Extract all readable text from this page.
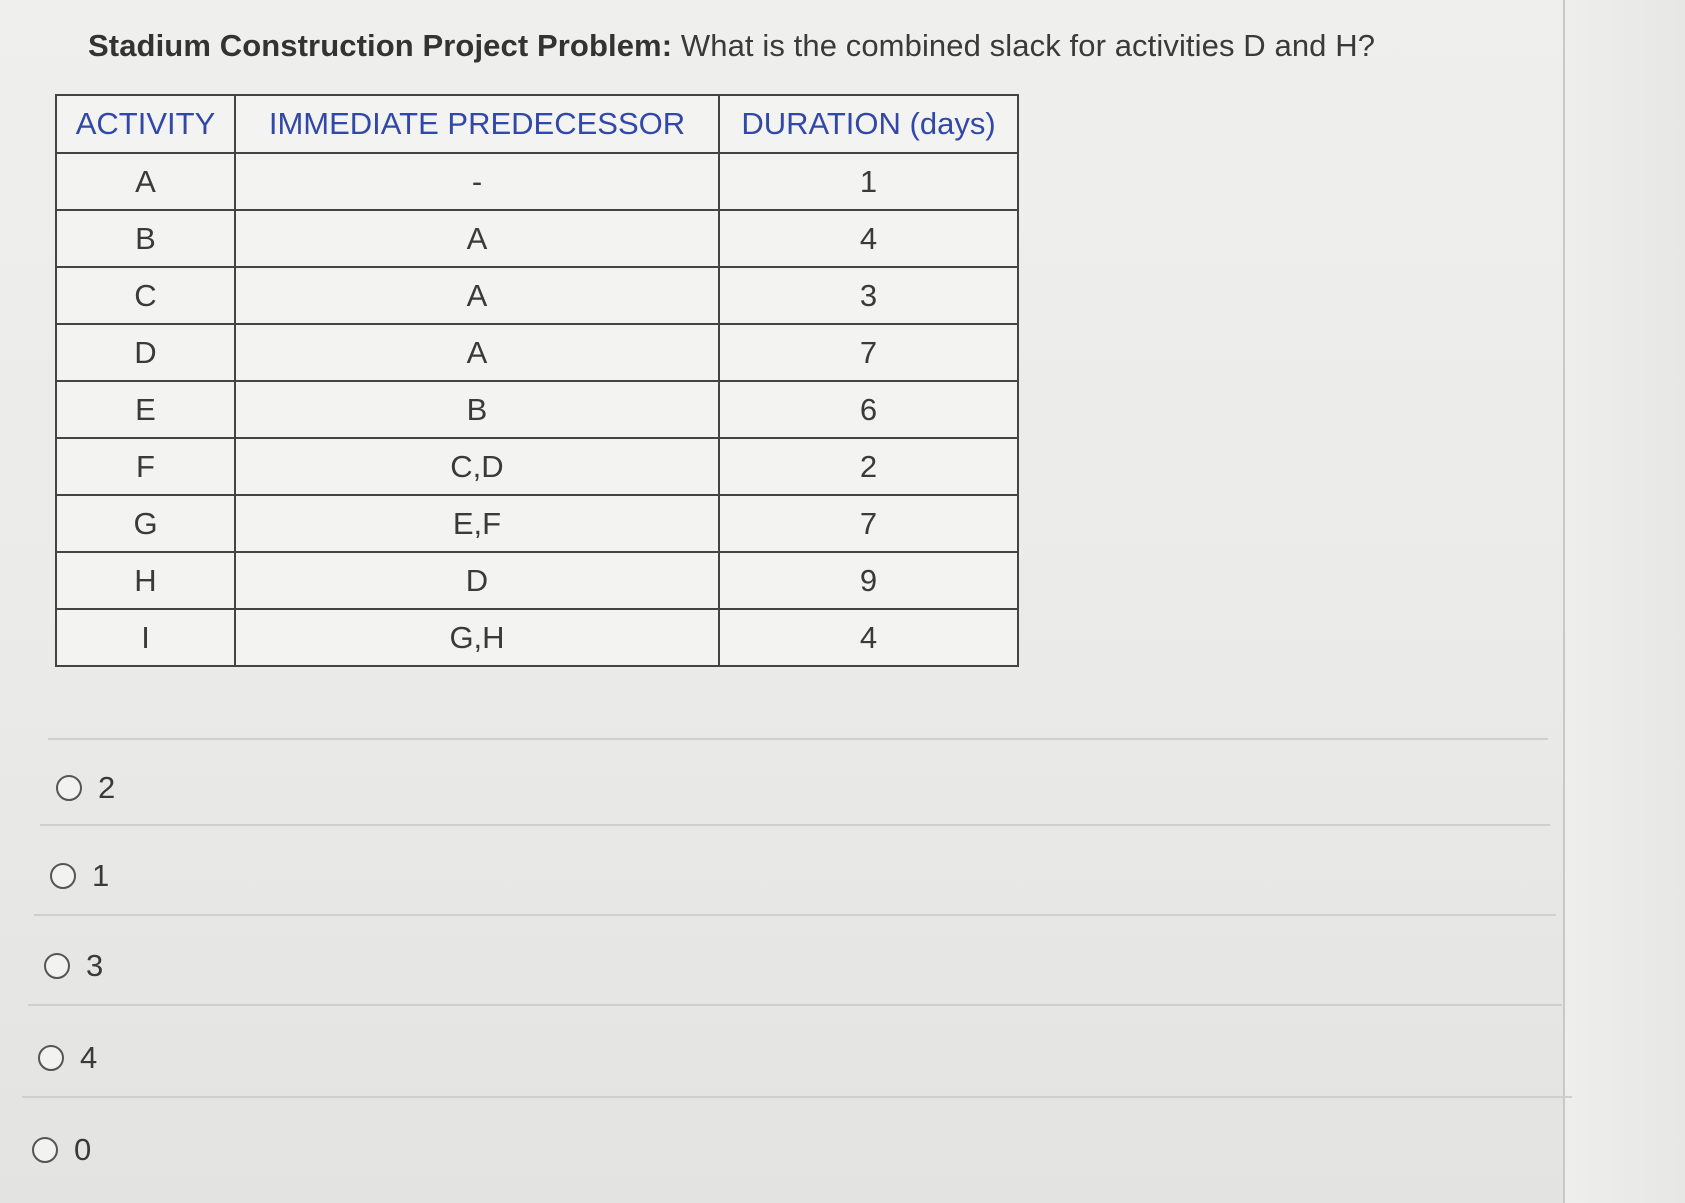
Stadium Construction Project Problem: What is the combined slack for activities D and H?
ACTIVITY	IMMEDIATE PREDECESSOR	DURATION (days)
A	-	1
B	A	4
C	A	3
D	A	7
E	B	6
F	C,D	2
G	E,F	7
H	D	9
I	G,H	4
2
1
3
4
0
